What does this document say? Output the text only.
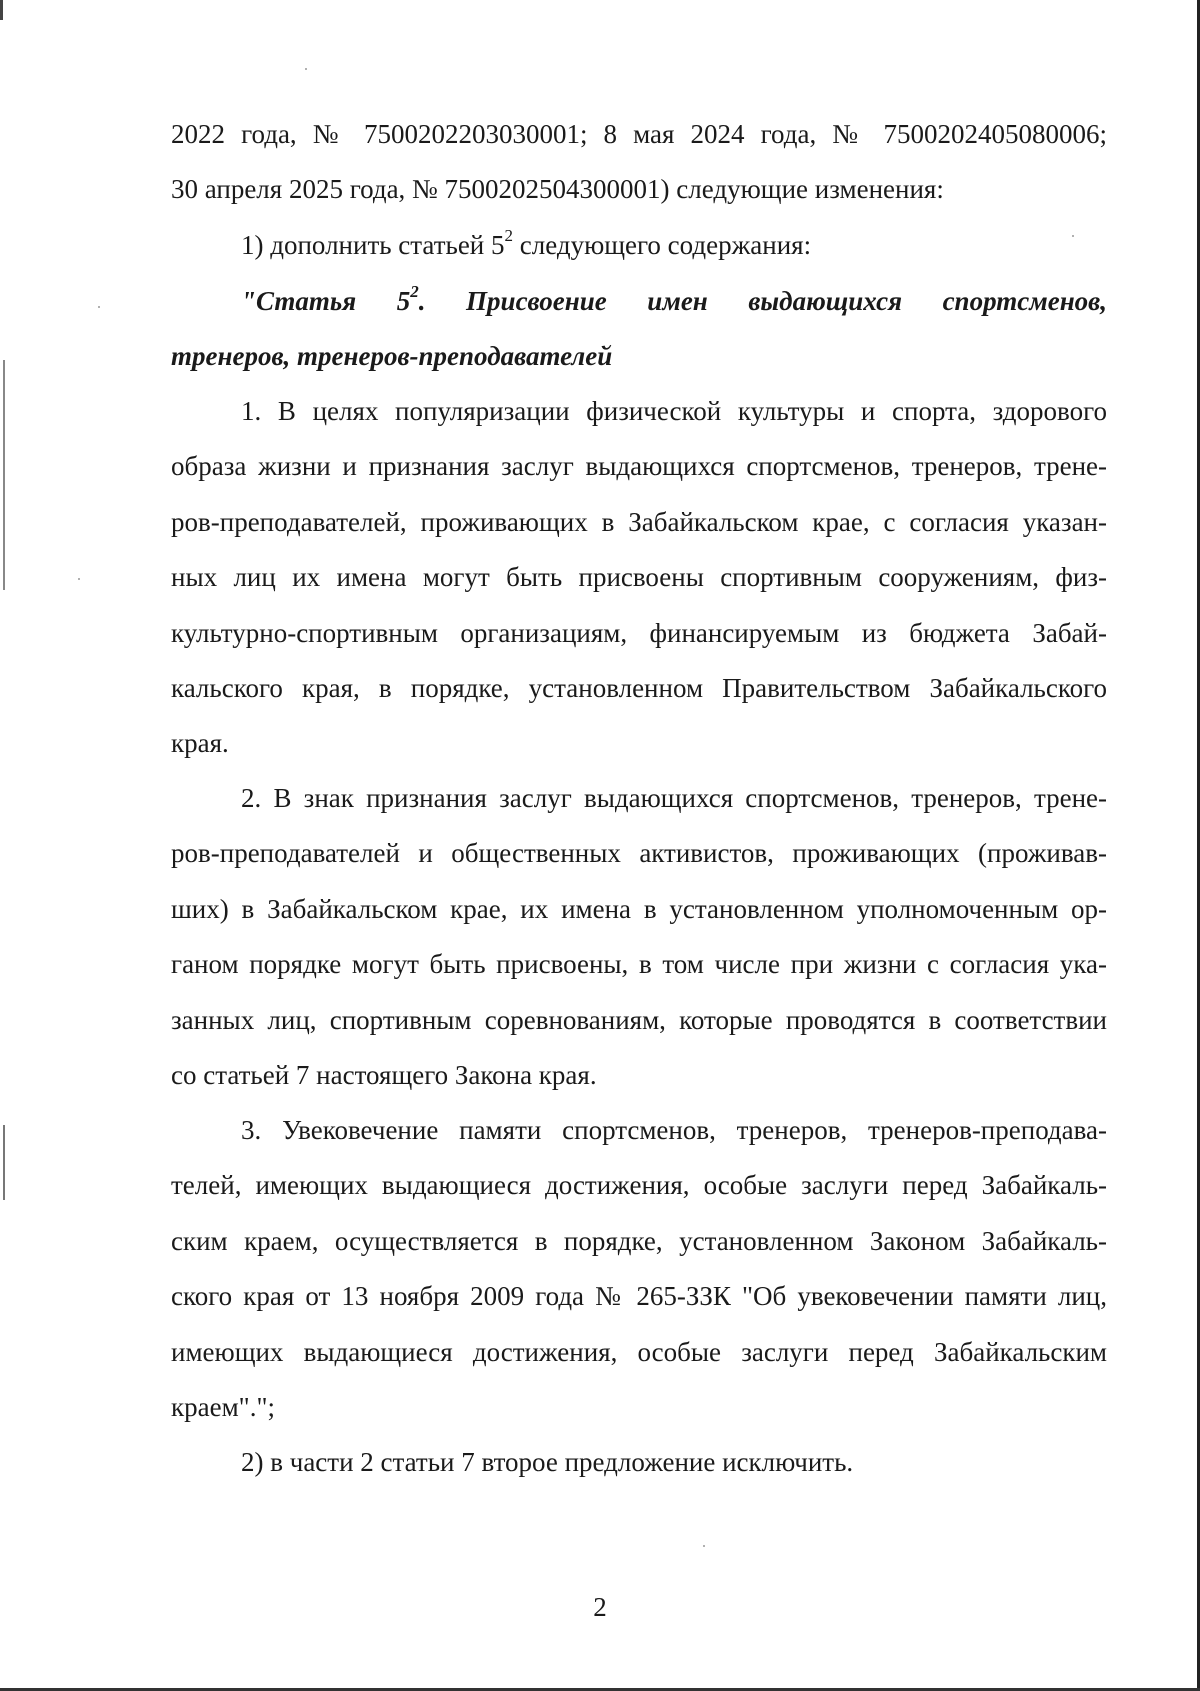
2022 года, № 7500202203030001; 8 мая 2024 года, № 7500202405080006;
30 апреля 2025 года, № 7500202504300001) следующие изменения:
1) дополнить статьей $5^2$ следующего содержания:
"Статья $5^2$. Присвоение имен выдающихся спортсменов,
тренеров, тренеров-преподавателей
1. В целях популяризации физической культуры и спорта, здорового
образа жизни и признания заслуг выдающихся спортсменов, тренеров, трене-
ров-преподавателей, проживающих в Забайкальском крае, с согласия указан-
ных лиц их имена могут быть присвоены спортивным сооружениям, физ-
культурно-спортивным организациям, финансируемым из бюджета Забай-
кальского края, в порядке, установленном Правительством Забайкальского
края.
2. В знак признания заслуг выдающихся спортсменов, тренеров, трене-
ров-преподавателей и общественных активистов, проживающих (проживав-
ших) в Забайкальском крае, их имена в установленном уполномоченным ор-
ганом порядке могут быть присвоены, в том числе при жизни с согласия ука-
занных лиц, спортивным соревнованиям, которые проводятся в соответствии
со статьей 7 настоящего Закона края.
3. Увековечение памяти спортсменов, тренеров, тренеров-преподава-
телей, имеющих выдающиеся достижения, особые заслуги перед Забайкаль-
ским краем, осуществляется в порядке, установленном Законом Забайкаль-
ского края от 13 ноября 2009 года № 265-ЗЗК "Об увековечении памяти лиц,
имеющих выдающиеся достижения, особые заслуги перед Забайкальским
краем".";
2) в части 2 статьи 7 второе предложение исключить.
2
